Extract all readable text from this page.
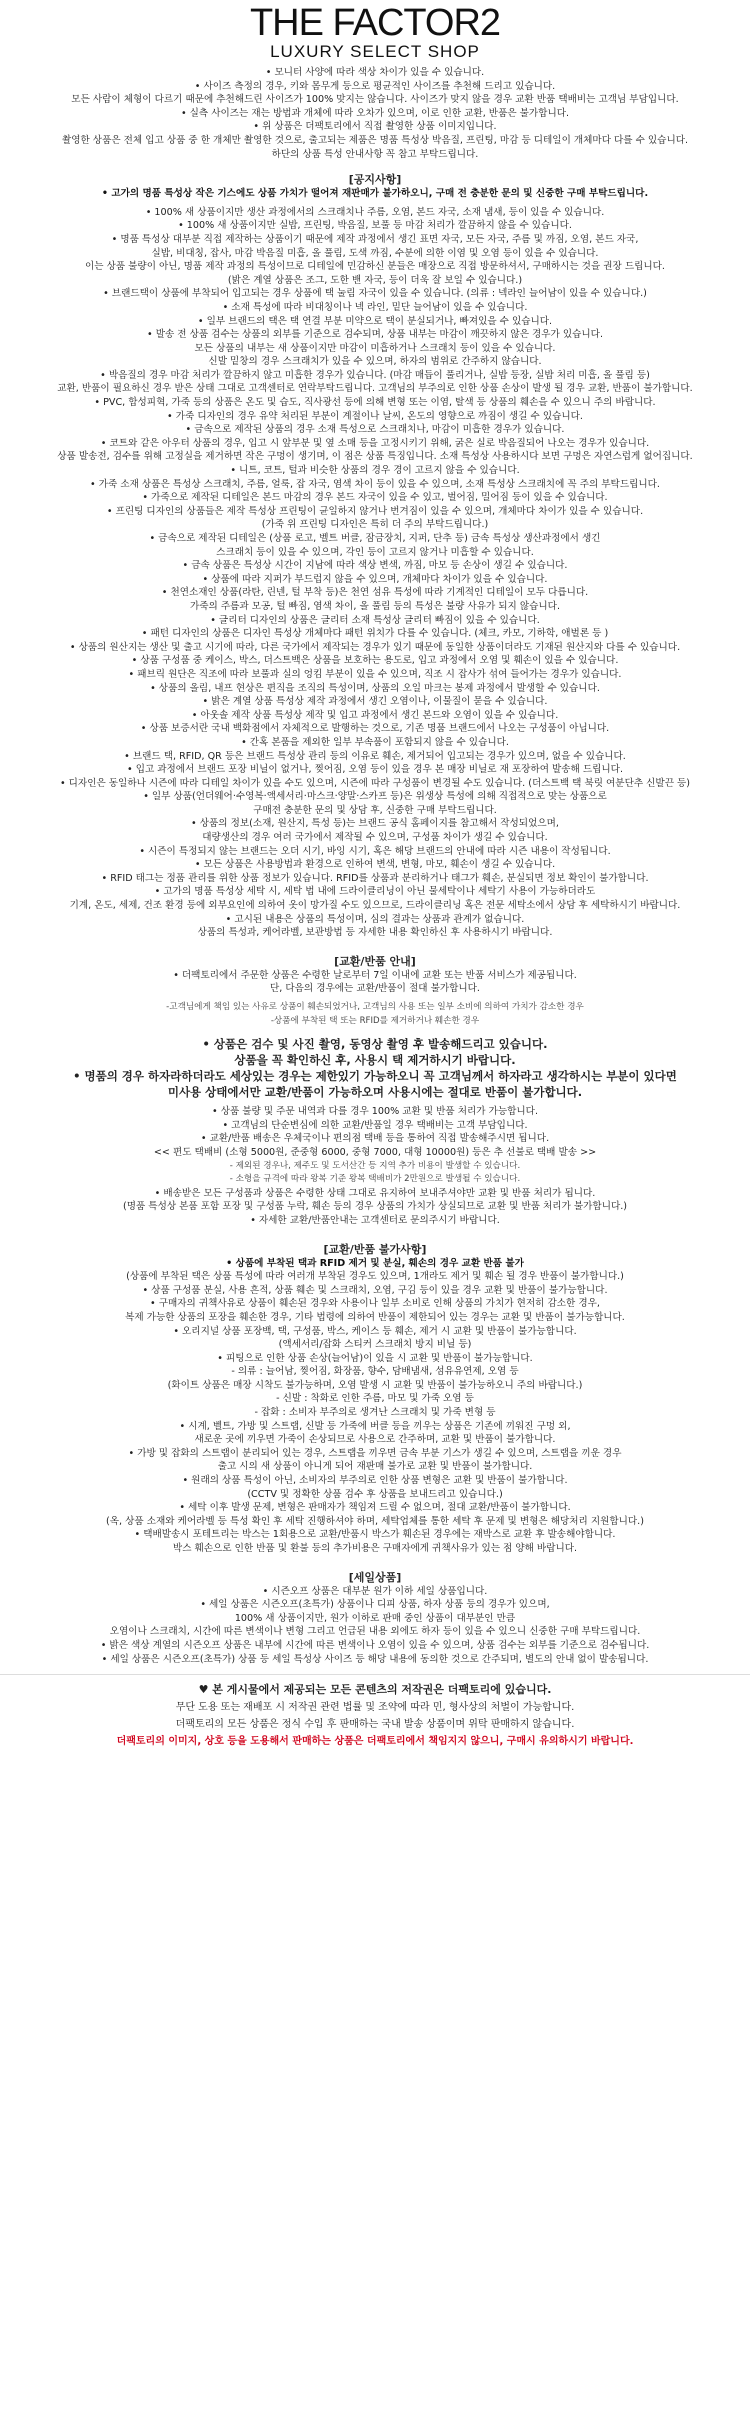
THE FACTOR2
LUXURY SELECT SHOP
• 모니터 사양에 따라 색상 차이가 있을 수 있습니다.
• 사이즈 측정의 경우, 키와 몸무게 등으로 평균적인 사이즈를 추천해 드리고 있습니다.
모든 사람이 체형이 다르기 때문에 추천해드린 사이즈가 100% 맞지는 않습니다. 사이즈가 맞지 않을 경우 교환 반품 택배비는 고객님 부담입니다.
• 실측 사이즈는 재는 방법과 개체에 따라 오차가 있으며, 이로 인한 교환, 반품은 불가합니다.
• 위 상품은 더팩토리에서 직접 촬영한 상품 이미지입니다.
촬영한 상품은 전체 입고 상품 중 한 개체만 촬영한 것으로, 출고되는 제품은 명품 특성상 박음질, 프린팅, 마감 등 디테일이 개체마다 다를 수 있습니다.
하단의 상품 특성 안내사항 꼭 참고 부탁드립니다.
[공지사항]
• 고가의 명품 특성상 작은 기스에도 상품 가치가 떨어져 재판매가 불가하오니, 구매 전 충분한 문의 및 신중한 구매 부탁드립니다.
• 100% 새 상품이지만 생산 과정에서의 스크래치나 주름, 오염, 본드 자국, 소재 냄새, 등이 있을 수 있습니다.
• 100% 새 상품이지만 실밥, 프린팅, 박음질, 보풀 등 마감 처리가 깔끔하지 않을 수 있습니다.
• 명품 특성상 대부분 직접 제작하는 상품이기 때문에 제작 과정에서 생긴 표면 자국, 모든 자국, 주름 및 까짐, 오염, 본드 자국,
실밥, 비대칭, 잡사, 마감 박음질 미흡, 올 풀림, 도색 까짐, 수분에 의한 이염 및 오염 등이 있을 수 있습니다.
이는 상품 불량이 아닌, 명품 제작 과정의 특성이므로 디테일에 민감하신 분들은 매장으로 직접 방문하셔서, 구매하시는 것을 권장 드립니다.
(밝은 계열 상품은 조그, 도한 밴 자국, 등이 더욱 잘 보일 수 있습니다.)
• 브랜드택이 상품에 부착되어 입고되는 경우 상품에 택 눌림 자국이 있을 수 있습니다. (의류 : 넥라인 늘어남이 있을 수 있습니다.)
• 소재 특성에 따라 비대칭이나 넥 라인, 밑단 늘어남이 있을 수 있습니다.
• 일부 브랜드의 택은 택 연결 부분 미약으로 택이 분실되거나, 빠져있을 수 있습니다.
• 발송 전 상품 검수는 상품의 외부를 기준으로 검수되며, 상품 내부는 마감이 깨끗하지 않은 경우가 있습니다.
모든 상품의 내부는 새 상품이지만 마감이 미흡하거나 스크래치 등이 있을 수 있습니다.
신발 밑창의 경우 스크래치가 있을 수 있으며, 하자의 범위로 간주하지 않습니다.
• 박음질의 경우 마감 처리가 깔끔하지 않고 미흡한 경우가 있습니다. (마감 매듭이 풀리거나, 실밥 등장, 실밥 처리 미흡, 올 풀림 등)
교환, 반품이 필요하신 경우 받은 상태 그대로 고객센터로 연락부탁드립니다. 고객님의 부주의로 인한 상품 손상이 발생 될 경우 교환, 반품이 불가합니다.
• PVC, 합성피혁, 가죽 등의 상품은 온도 및 습도, 직사광선 등에 의해 변형 또는 이염, 탈색 등 상품의 훼손을 수 있으니 주의 바랍니다.
• 가죽 디자인의 경우 유약 처리된 부분이 계절이나 날씨, 온도의 영향으로 까짐이 생길 수 있습니다.
• 금속으로 제작된 상품의 경우 소재 특성으로 스크래치나, 마감이 미흡한 경우가 있습니다.
• 코트와 같은 아우터 상품의 경우, 입고 시 앞부분 및 옆 소매 등을 고정시키기 위해, 굵은 실로 박음질되어 나오는 경우가 있습니다.
상품 발송전, 검수를 위해 고정실을 제거하면 작은 구멍이 생기며, 이 점은 상품 특징입니다. 소재 특성상 사용하시다 보면 구멍은 자연스럽게 없어집니다.
• 니트, 코트, 털과 비슷한 상품의 경우 경이 고르지 않을 수 있습니다.
• 가죽 소재 상품은 특성상 스크래치, 주름, 얼룩, 잡 자국, 염색 차이 등이 있을 수 있으며, 소재 특성상 스크래치에 꼭 주의 부탁드립니다.
• 가죽으로 제작된 디테일은 본드 마감의 경우 본드 자국이 있을 수 있고, 벌어짐, 밀어짐 등이 있을 수 있습니다.
• 프린팅 디자인의 상품들은 제작 특성상 프린팅이 균일하지 않거나 번겨짐이 있을 수 있으며, 개체마다 차이가 있을 수 있습니다.
(가죽 위 프린팅 디자인은 특히 더 주의 부탁드립니다.)
• 금속으로 제작된 디테일은 (상품 로고, 벨트 버클, 잠금장치, 지퍼, 단추 등) 금속 특성상 생산과정에서 생긴
스크래치 등이 있을 수 있으며, 각인 등이 고르지 않거나 미흡할 수 있습니다.
• 금속 상품은 특성상 시간이 지남에 따라 색상 변색, 까짐, 마모 등 손상이 생길 수 있습니다.
• 상품에 따라 지퍼가 부드럽지 않을 수 있으며, 개체마다 차이가 있을 수 있습니다.
• 천연소재인 상품(라탄, 린넨, 털 부착 등)은 천연 섬유 특성에 따라 기계적인 디테일이 모두 다릅니다.
가죽의 주름과 모공, 털 빠짐, 염색 차이, 올 풀림 등의 특성은 불량 사유가 되지 않습니다.
• 글리터 디자인의 상품은 글리터 소재 특성상 글리터 빠짐이 있을 수 있습니다.
• 패턴 디자인의 상품은 디자인 특성상 개체마다 패턴 위치가 다를 수 있습니다. (체크, 카모, 기하학, 애벌론 등 )
• 상품의 원산지는 생산 및 출고 시기에 따라, 다른 국가에서 제작되는 경우가 있기 때문에 동일한 상품이더라도 기재된 원산지와 다를 수 있습니다.
• 상품 구성품 중 케이스, 박스, 더스트백은 상품을 보호하는 용도로, 입고 과정에서 오염 및 훼손이 있을 수 있습니다.
• 패브릭 원단은 직조에 따라 보풀과 실의 엉킴 부분이 있을 수 있으며, 직조 시 잡사가 섞여 들어가는 경우가 있습니다.
• 상품의 올림, 내프 현상은 편직을 조직의 특성이며, 상품의 오일 마크는 봉제 과정에서 발생할 수 있습니다.
• 밝은 계열 상품 특성상 제작 과정에서 생긴 오염이나, 이물질이 묻을 수 있습니다.
• 아웃솔 제작 상품 특성상 제작 및 입고 과정에서 생긴 본드와 오염이 있을 수 있습니다.
• 상품 보증서란 국내 백화점에서 자체적으로 발행하는 것으로, 기존 명품 브랜드에서 나오는 구성품이 아닙니다.
• 간혹 본품을 제외한 일부 부속품이 포함되지 않을 수 있습니다.
• 브랜드 택, RFID, QR 등은 브랜드 특성상 관리 등의 이유로 훼손, 제거되어 입고되는 경우가 있으며, 없을 수 있습니다.
• 입고 과정에서 브랜드 포장 비닐이 없거나, 찢어짐, 오염 등이 있을 경우 본 매장 비닐로 재 포장하여 발송해 드립니다.
• 디자인은 동일하나 시즌에 따라 디테일 차이가 있을 수도 있으며, 시즌에 따라 구성품이 변경될 수도 있습니다. (더스트백 택 북릿 여분단추 신발끈 등)
• 일부 상품(언더웨어·수영복·액세서리·마스크·양말·스카프 등)은 위생상 특성에 의해 직접적으로 맞는 상품으로
구매전 충분한 문의 및 상담 후, 신중한 구매 부탁드립니다.
• 상품의 정보(소재, 원산지, 특성 등)는 브랜드 공식 홈페이지를 참고해서 작성되었으며,
대량생산의 경우 여러 국가에서 제작될 수 있으며, 구성품 차이가 생길 수 있습니다.
• 시즌이 특정되지 않는 브랜드는 오더 시기, 바잉 시기, 혹은 해당 브랜드의 안내에 따라 시즌 내용이 작성됩니다.
• 모든 상품은 사용방법과 환경으로 인하여 변색, 변형, 마모, 훼손이 생길 수 있습니다.
• RFID 태그는 정품 관리를 위한 상품 정보가 있습니다. RFID를 상품과 분리하거나 태그가 훼손, 분실되면 정보 확인이 불가합니다.
• 고가의 명품 특성상 세탁 시, 세탁 법 내에 드라이클리닝이 아닌 물세탁이나 세탁기 사용이 가능하더라도
기계, 온도, 세제, 건조 환경 등에 외부요인에 의하여 옷이 망가질 수도 있으므로, 드라이클리닝 혹은 전문 세탁소에서 상담 후 세탁하시기 바랍니다.
• 고시된 내용은 상품의 특성이며, 심의 결과는 상품과 관계가 없습니다.
상품의 특성과, 케어라벨, 보관방법 등 자세한 내용 확인하신 후 사용하시기 바랍니다.
[교환/반품 안내]
• 더팩토리에서 주문한 상품은 수령한 날로부터 7일 이내에 교환 또는 반품 서비스가 제공됩니다.
단, 다음의 경우에는 교환/반품이 절대 불가합니다.
-고객님에게 책임 있는 사유로 상품이 훼손되었거나, 고객님의 사용 또는 일부 소비에 의하여 가치가 감소한 경우
-상품에 부착된 택 또는 RFID를 제거하거나 훼손한 경우
• 상품은 검수 및 사진 촬영, 동영상 촬영 후 발송해드리고 있습니다.
상품을 꼭 확인하신 후, 사용시 택 제거하시기 바랍니다.
• 명품의 경우 하자라하더라도 세상있는 경우는 제한있기 가능하오니 꼭 고객님께서 하자라고 생각하시는 부분이 있다면
미사용 상태에서만 교환/반품이 가능하오며 사용시에는 절대로 반품이 불가합니다.
• 상품 불량 및 주문 내역과 다를 경우 100% 교환 및 반품 처리가 가능합니다.
• 고객님의 단순변심에 의한 교환/반품일 경우 택배비는 고객 부담입니다.
• 교환/반품 배송은 우체국이나 편의점 택배 등을 통하여 직접 발송해주시면 됩니다.
<< 편도 택배비 (소형 5000원, 준중형 6000, 중형 7000, 대형 10000원) 등은 추 선불로 택배 발송 >>
- 제외된 경우나, 제주도 및 도서산간 등 지역 추가 비용이 발생할 수 있습니다.
- 소형을 규격에 따라 왕복 기준 왕복 택배비가 2만원으로 발생될 수 있습니다.
• 배송받은 모든 구성품과 상품은 수령한 상태 그대로 유지하여 보내주셔야만 교환 및 반품 처리가 됩니다.
(명품 특성상 본품 포함 포장 및 구성품 누락, 훼손 등의 경우 상품의 가치가 상실되므로 교환 및 반품 처리가 불가합니다.)
• 자세한 교환/반품안내는 고객센터로 문의주시기 바랍니다.
[교환/반품 불가사항]
• 상품에 부착된 택과 RFID 제거 및 분실, 훼손의 경우 교환 반품 불가
(상품에 부착된 택은 상품 특성에 따라 여러개 부착된 경우도 있으며, 1개라도 제거 및 훼손 될 경우 반품이 불가합니다.)
• 상품 구성품 분실, 사용 흔적, 상품 훼손 및 스크래치, 오염, 구김 등이 있을 경우 교환 및 반품이 불가능합니다.
• 구매자의 귀책사유로 상품이 훼손된 경우와 사용이나 일부 소비로 인해 상품의 가치가 현저히 감소한 경우,
복제 가능한 상품의 포장을 훼손한 경우, 기타 법령에 의하여 반품이 제한되어 있는 경우는 교환 및 반품이 불가능합니다.
• 오리지널 상품 포장백, 택, 구성품, 박스, 케이스 등 훼손, 제거 시 교환 및 반품이 불가능합니다.
(액세서리/잡화 스티커 스크래치 방지 비닐 등)
• 피팅으로 인한 상품 손상(늘어남)이 있을 시 교환 및 반품이 불가능합니다.
- 의류 : 늘어남, 찢어짐, 화장품, 향수, 담배냄새, 섬유유연제, 오염 등
(화이트 상품은 매장 시착도 불가능하며, 오염 발생 시 교환 및 반품이 불가능하오니 주의 바랍니다.)
- 신발 : 착화로 인한 주름, 마모 및 가죽 오염 등
- 잡화 : 소비자 부주의로 생겨난 스크래치 및 가죽 변형 등
• 시계, 벨트, 가방 및 스트랩, 신발 등 가죽에 버클 등을 끼우는 상품은 기존에 끼워진 구멍 외,
새로운 곳에 끼우면 가죽이 손상되므로 사용으로 간주하며, 교환 및 반품이 불가합니다.
• 가방 및 잡화의 스트랩이 분리되어 있는 경우, 스트랩을 끼우면 금속 부분 기스가 생길 수 있으며, 스트랩을 끼운 경우
출고 시의 새 상품이 아니게 되어 재판매 불가로 교환 및 반품이 불가합니다.
• 원래의 상품 특성이 아닌, 소비자의 부주의로 인한 상품 변형은 교환 및 반품이 불가합니다.
(CCTV 및 정확한 상품 검수 후 상품을 보내드리고 있습니다.)
• 세탁 이후 발생 문제, 변형은 판매자가 책임져 드릴 수 없으며, 절대 교환/반품이 불가합니다.
(옥, 상품 소재와 케어라벨 등 특성 확인 후 세탁 진행하셔야 하며, 세탁업체를 통한 세탁 후 문제 및 변형은 해당처리 지원합니다.)
• 택배발송시 포테트리는 박스는 1회용으로 교환/반품시 박스가 훼손된 경우에는 재박스로 교환 후 발송해야합니다.
박스 훼손으로 인한 반품 및 환불 등의 추가비용은 구매자에게 귀책사유가 있는 점 양해 바랍니다.
[세일상품]
• 시즌오프 상품은 대부분 원가 이하 세일 상품입니다.
• 세일 상품은 시즌오프(초특가) 상품이나 디피 상품, 하자 상품 등의 경우가 있으며,
100% 새 상품이지만, 원가 이하로 판매 중인 상품이 대부분인 만큼
오염이나 스크래치, 시간에 따른 변색이나 변형 그리고 언급된 내용 외에도 하자 등이 있을 수 있으니 신중한 구매 부탁드립니다.
• 밝은 색상 계열의 시즌오프 상품은 내부에 시간에 따른 변색이나 오염이 있을 수 있으며, 상품 검수는 외부를 기준으로 검수됩니다.
• 세일 상품은 시즌오프(초특가) 상품 등 세일 특성상 사이즈 등 해당 내용에 동의한 것으로 간주되며, 별도의 안내 없이 발송됩니다.
♥ 본 게시물에서 제공되는 모든 콘텐츠의 저작권은 더팩토리에 있습니다.
무단 도용 또는 재배포 시 저작권 관련 법률 및 조약에 따라 민, 형사상의 처벌이 가능합니다.
더팩토리의 모든 상품은 정식 수입 후 판매하는 국내 발송 상품이며 위탁 판매하지 않습니다.
더팩토리의 이미지, 상호 등을 도용해서 판매하는 상품은 더팩토리에서 책임지지 않으니, 구매시 유의하시기 바랍니다.
